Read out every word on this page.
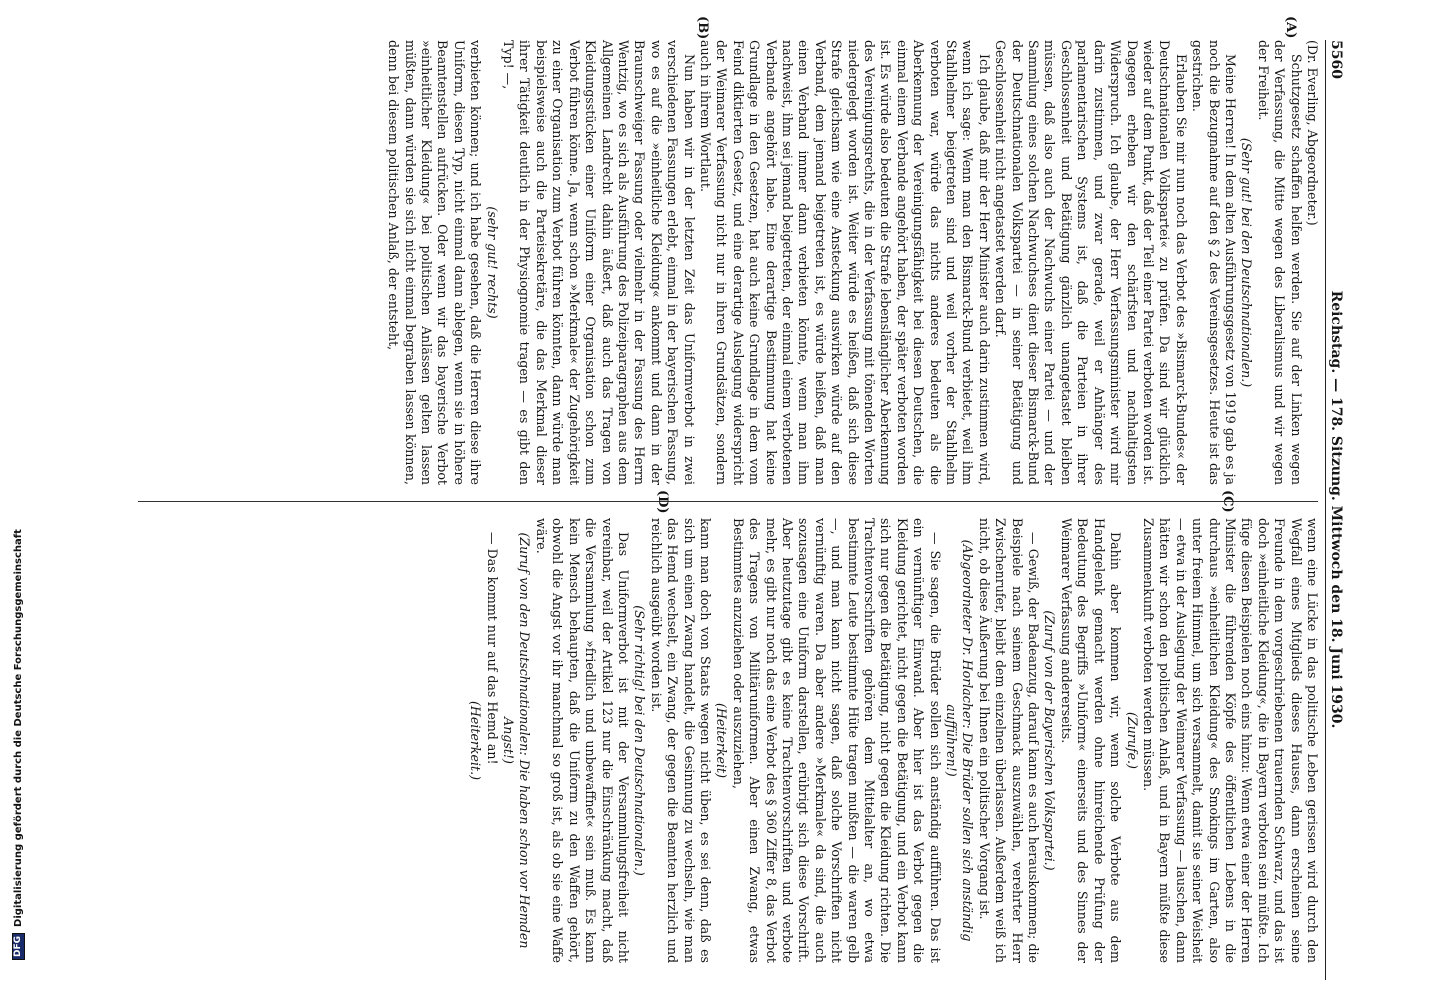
DFG
Digitalisierung gefördert durch die Deutsche Forschungsgemeinschaft
5560
Reichstag. — 178. Sitzung. Mittwoch den 18. Juni 1930.

(Dr. Everling, Abgeordneter.)

Schutzgesetz schaffen helfen werden. Sie auf der Linken wegen der Verfassung, die Mitte wegen des Liberalismus und wir wegen der Freiheit.

(Sehr gut! bei den Deutschnationalen.)

Meine Herren! In dem alten Ausführungsgesetz von 1919 gab es ja noch die Bezugnahme auf den § 2 des Vereinsgesetzes. Heute ist das gestrichen.

Erlauben Sie mir nun noch das Verbot des »Bismarck-Bundes« der Deutschnationalen Volkspartei« zu prüfen. Da sind wir glücklich wieder auf dem Punkt, daß der Teil einer Partei verboten worden ist. Dagegen erheben wir den schärfsten und nachhaltigsten Widerspruch. Ich glaube, der Herr Verfassungsminister wird mir darin zustimmen, und zwar gerade, weil er Anhänger des parlamentarischen Systems ist, daß die Parteien in ihrer Geschlossenheit und Betätigung gänzlich unangetastet bleiben müssen, daß also auch der Nachwuchs einer Partei — und der Sammlung eines solchen Nachwuchses dient dieser Bismarck-Bund der Deutschnationalen Volkspartei — in seiner Betätigung und Geschlossenheit nicht angetastet werden darf.

Ich glaube, daß mir der Herr Minister auch darin zustimmen wird, wenn ich sage: Wenn man den Bismarck-Bund verbietet, weil ihm Stahlhelmer beigetreten sind und weil vorher der Stahlhelm verboten war, würde das nichts anderes bedeuten als die Aberkennung der Vereinigungsfähigkeit bei diesen Deutschen, die einmal einem Verbande angehört haben, der später verboten worden ist. Es würde also bedeuten die Strafe lebenslänglicher Aberkennung des Vereinigungsrechts, die in der Verfassung mit tönenden Worten niedergelegt worden ist. Weiter würde es heißen, daß sich diese Strafe gleichsam wie eine Ansteckung auswirken würde auf den Verband, dem jemand beigetreten ist, es würde heißen, daß man einen Verband immer dann verbieten könnte, wenn man ihm nachweist, ihm sei jemand beigetreten, der einmal einem verbotenen Verbande angehört habe. Eine derartige Bestimmung hat keine Grundlage in den Gesetzen, hat auch keine Grundlage in dem vom Feind diktierten Gesetz, und eine derartige Auslegung widerspricht der Weimarer Verfassung nicht nur in ihren Grundsätzen, sondern auch in ihrem Wortlaut.

Nun haben wir in der letzten Zeit das Uniformverbot in zwei verschiedenen Fassungen erlebt, einmal in der bayerischen Fassung, wo es auf die »einheitliche Kleidung« ankommt und dann in der Braunschweiger Fassung oder vielmehr in der Fassung des Herrn Wentzig, wo es sich als Ausführung des Polizeiparagraphen aus dem Allgemeinen Landrecht dahin äußert, daß auch das Tragen von Kleidungsstücken einer Uniform einer Organisation schon zum Verbot führen könne. Ja, wenn schon »Merkmale« der Zugehörigkeit zu einer Organisation zum Verbot führen könnten, dann würde man beispielsweise auch die Parteisekretäre, die das Merkmal dieser ihrer Tätigkeit deutlich in der Physiognomie tragen — es gibt den Typ! —,

(sehr gut! rechts)

verbieten können; und ich habe gesehen, daß die Herren diese ihre Uniform, diesen Typ, nicht einmal dann ablegen, wenn sie in höhere Beamtenstellen aufrücken. Oder wenn wir das bayerische Verbot »einheitlicher Kleidung« bei politischen Anlässen gelten lassen müßten, dann würden sie sich nicht einmal begraben lassen können, denn bei diesem politischen Anlaß, der entsteht,

wenn eine Lücke in das politische Leben gerissen wird durch den Wegfall eines Mitglieds dieses Hauses, dann erscheinen seine Freunde in dem vorgeschriebenen trauernden Schwarz, und das ist doch »einheitliche Kleidung«, die in Bayern verboten sein müßte. Ich füge diesen Beispielen noch eins hinzu: Wenn etwa einer der Herren Minister die führenden Köpfe des öffentlichen Lebens in die durchaus »einheitlichen Kleidung« des Smokings im Garten, also unter freiem Himmel, um sich versammelt, damit sie seiner Weisheit — etwa in der Auslegung der Weimarer Verfassung — lauschen, dann hätten wir schon den politischen Anlaß, und in Bayern müßte diese Zusammenkunft verboten werden müssen.

(Zurufe.)

Dahin aber kommen wir, wenn solche Verbote aus dem Handgelenk gemacht werden ohne hinreichende Prüfung der Bedeutung des Begriffs »Uniform« einerseits und des Sinnes der Weimarer Verfassung andererseits.

(Zuruf von der Bayerischen Volkspartei.)

— Gewiß, der Badeanzug, darauf kann es auch herauskommen; die Beispiele nach seinem Geschmack auszuwählen, verehrter Herr Zwischenrufer, bleibt dem einzelnen überlassen. Außerdem weiß ich nicht, ob diese Äußerung bei Ihnen ein politischer Vorgang ist.

(Abgeordneter Dr. Horlacher: Die Brüder sollen sich anständig aufführen!)

— Sie sagen, die Brüder sollen sich anständig aufführen. Das ist ein vernünftiger Einwand. Aber hier ist das Verbot gegen die Kleidung gerichtet, nicht gegen die Betätigung, und ein Verbot kann sich nur gegen die Betätigung, nicht gegen die Kleidung richten. Die Trachtenvorschriften gehören dem Mittelalter an, wo etwa bestimmte Leute bestimmte Hüte tragen mußten — die waren gelb —, und man kann nicht sagen, daß solche Vorschriften nicht vernünftig waren. Da aber andere »Merkmale« da sind, die auch sozusagen eine Uniform darstellen, erübrigt sich diese Vorschrift. Aber heutzutage gibt es keine Trachtenvorschriften und verbote mehr, es gibt nur noch das eine Verbot des § 360 Ziffer 8, das Verbot des Tragens von Militäruniformen. Aber einen Zwang, etwas Bestimmtes anzuziehen oder auszuziehen,

(Heiterkeit)

kann man doch von Staats wegen nicht üben, es sei denn, daß es sich um einen Zwang handelt, die Gesinnung zu wechseln, wie man das Hemd wechselt, ein Zwang, der gegen die Beamten herzlich und reichlich ausgeübt worden ist.

(Sehr richtig! bei den Deutschnationalen.)

Das Uniformverbot ist mit der Versammlungsfreiheit nicht vereinbar, weil der Artikel 123 nur die Einschränkung macht, daß die Versammlung »friedlich und unbewaffnet« sein muß. Es kann kein Mensch behaupten, daß die Uniform zu den Waffen gehört, obwohl die Angst vor ihr manchmal so groß ist, als ob sie eine Waffe wäre.

(Zuruf von den Deutschnationalen: Die haben schon vor Hemden Angst!)

— Das kommt nur auf das Hemd an!

(Heiterkeit.)

(A)
(B)
(C)
(D)
